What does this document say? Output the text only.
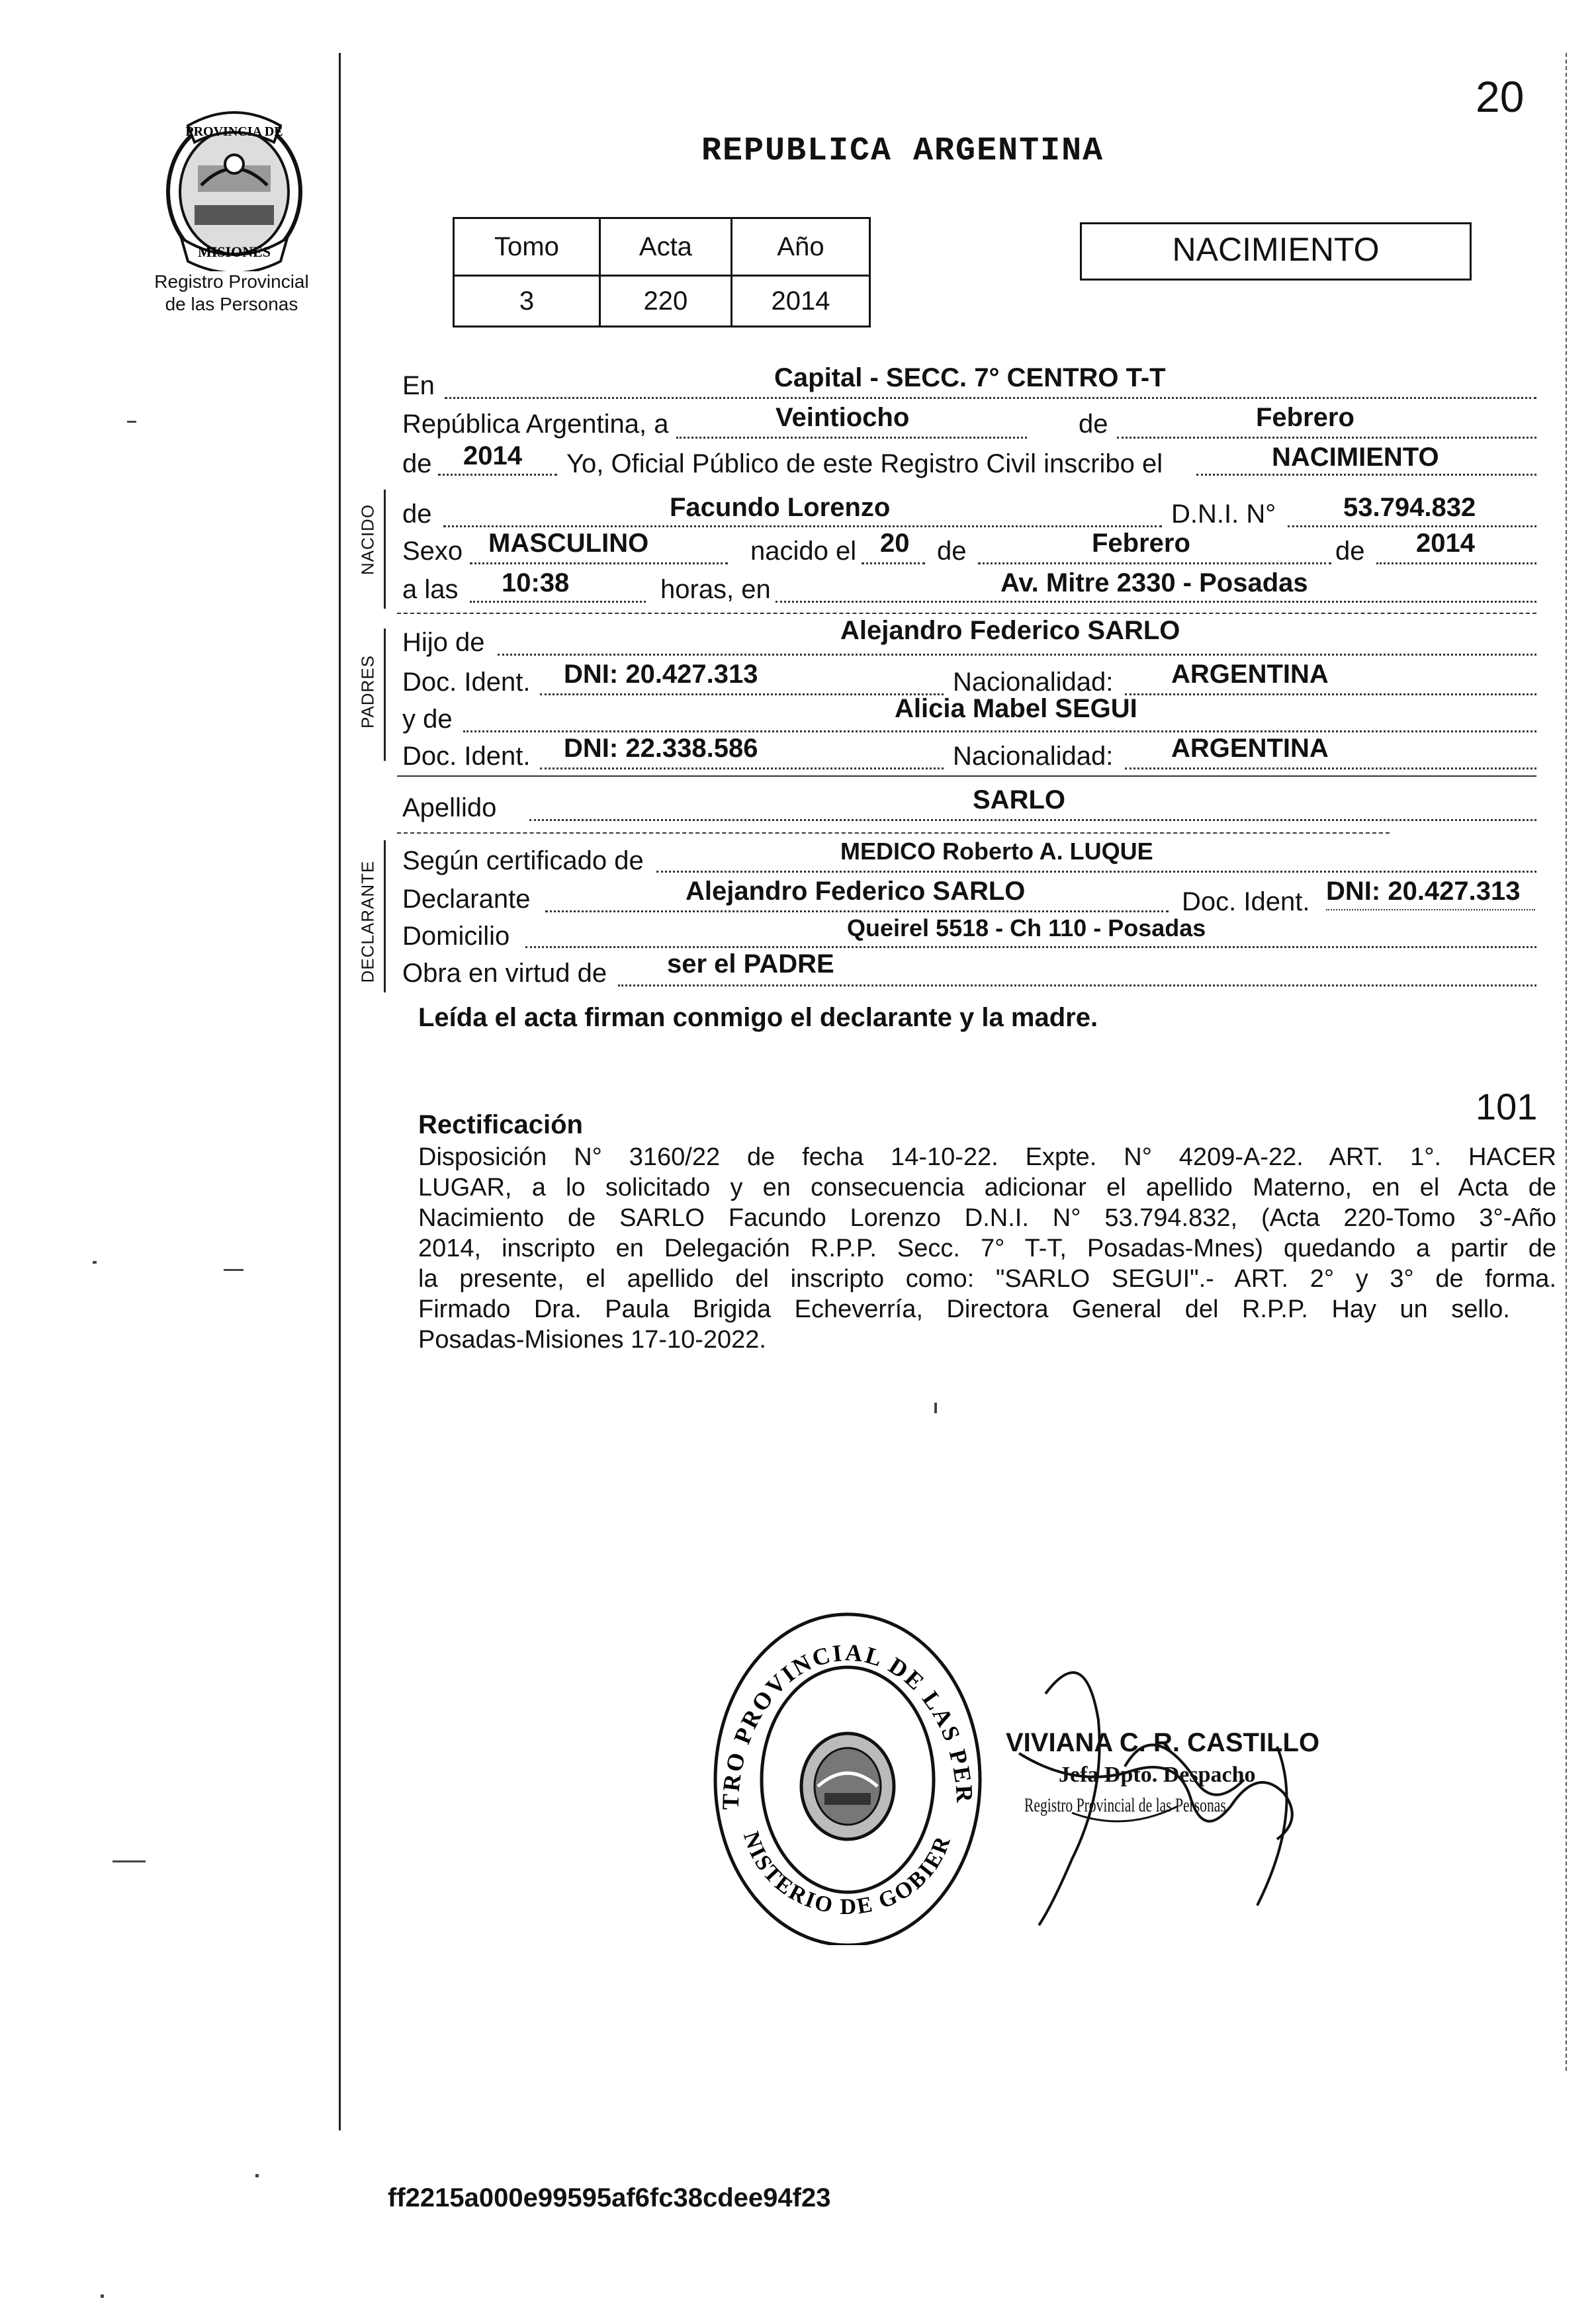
PROVINCIA DE
MISIONES
Registro Provincial
de las Personas
20
REPUBLICA ARGENTINA
Tomo	Acta	Año
3	220	2014
NACIMIENTO
NACIDO
PADRES
DECLARANTE
En	Capital - SECC. 7° CENTRO T-T
República Argentina, a	Veintiocho	de	Febrero
de 2014 Yo, Oficial Público de este Registro Civil inscribo el	NACIMIENTO
de	Facundo Lorenzo	D.N.I. N°	53.794.832
Sexo MASCULINO	nacido el 20 de	Febrero	de 2014
a las 10:38	horas, en	Av. Mitre 2330 - Posadas
Hijo de	Alejandro Federico SARLO
Doc. Ident. DNI: 20.427.313	Nacionalidad: ARGENTINA
y de	Alicia Mabel SEGUI
Doc. Ident. DNI: 22.338.586	Nacionalidad: ARGENTINA
Apellido	SARLO
Según certificado de	MEDICO Roberto A. LUQUE
Declarante	Alejandro Federico SARLO	Doc. Ident. DNI: 20.427.313
Domicilio	Queirel 5518 - Ch 110 - Posadas
Obra en virtud de ser el PADRE
Leída el acta firman conmigo el declarante y la madre.
101
Rectificación
Disposición N° 3160/22 de fecha 14-10-22. Expte. N° 4209-A-22. ART. 1°. HACER
LUGAR, a lo solicitado y en consecuencia adicionar el apellido Materno, en el Acta de
Nacimiento de SARLO Facundo Lorenzo D.N.I. N° 53.794.832, (Acta 220-Tomo 3°-Año
2014, inscripto en Delegación R.P.P. Secc. 7° T-T, Posadas-Mnes) quedando a partir de
la presente, el apellido del inscripto como: "SARLO SEGUI".- ART. 2° y 3° de forma.
Firmado Dra. Paula Brigida Echeverría, Directora General del R.P.P. Hay un sello.
Posadas-Misiones 17-10-2022.
TRO PROVINCIAL DE LAS PER
NISTERIO DE GOBIER
VIVIANA C. R. CASTILLO
Jefa Dpto. Despacho
Registro Provincial de las Personas
ff2215a000e99595af6fc38cdee94f23
